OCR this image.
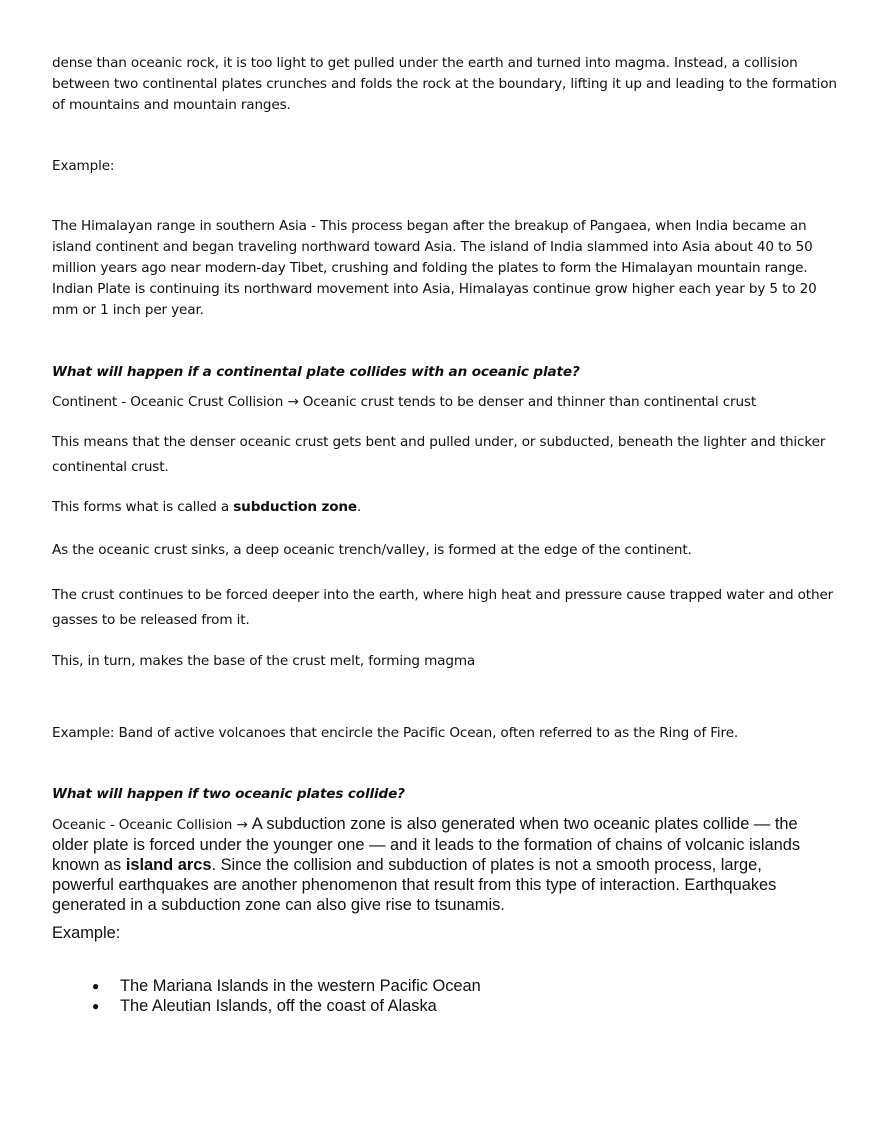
dense than oceanic rock, it is too light to get pulled under the earth and turned into magma. Instead, a collision between two continental plates crunches and folds the rock at the boundary, lifting it up and leading to the formation of mountains and mountain ranges.

Example:

The Himalayan range in southern Asia - This process began after the breakup of Pangaea, when India became an island continent and began traveling northward toward Asia. The island of India slammed into Asia about 40 to 50 million years ago near modern-day Tibet, crushing and folding the plates to form the Himalayan mountain range. Indian Plate is continuing its northward movement into Asia, Himalayas continue grow higher each year by 5 to 20 mm or 1 inch per year.

What will happen if a continental plate collides with an oceanic plate?

Continent - Oceanic Crust Collision → Oceanic crust tends to be denser and thinner than continental crust

This means that the denser oceanic crust gets bent and pulled under, or subducted, beneath the lighter and thicker continental crust.

This forms what is called a subduction zone.

As the oceanic crust sinks, a deep oceanic trench/valley, is formed at the edge of the continent.

The crust continues to be forced deeper into the earth, where high heat and pressure cause trapped water and other gasses to be released from it.

This, in turn, makes the base of the crust melt, forming magma

Example: Band of active volcanoes that encircle the Pacific Ocean, often referred to as the Ring of Fire.

What will happen if two oceanic plates collide?

Oceanic - Oceanic Collision → A subduction zone is also generated when two oceanic plates collide — the older plate is forced under the younger one — and it leads to the formation of chains of volcanic islands known as island arcs. Since the collision and subduction of plates is not a smooth process, large, powerful earthquakes are another phenomenon that result from this type of interaction. Earthquakes generated in a subduction zone can also give rise to tsunamis.

Example:

● The Mariana Islands in the western Pacific Ocean
● The Aleutian Islands, off the coast of Alaska
